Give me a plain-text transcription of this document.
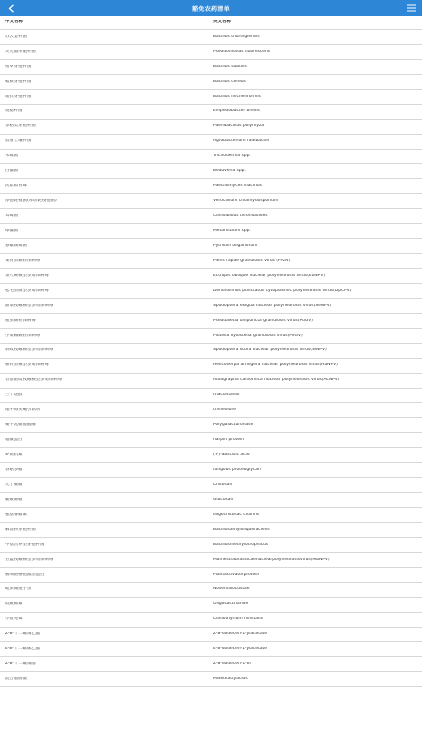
豁免农药清单
中文名称	英文名称
苏云金杆菌	Bacillus thuringiensis
荧光假单胞杆菌	Pseudomonas fluorescens
枯草芽孢杆菌	Bacillus subtilis
蜡质芽孢杆菌	Bacillus cereus
地衣芽孢杆菌	Bacillus linchenformis
短稳杆菌	Empedobacter brevis
多粘类芽孢杆菌	Paenibacillus polymyza
放射土壤杆菌	Agrobacterium radibacter
木霉菌	Trichoderma spp.
白僵菌	Beauveria spp.
淡紫拟青霉	Paecilomyces lilacinus
厚孢轮枝菌(厚垣轮枝孢菌)	Verticillium chlamydosporium
耳霉菌	Conidiblous thromboides
绿僵菌	Metarhizium spp.
寡雄腐霉菌	Pythium oligandrum
菜青虫颗粒体病毒	Pieris rapae granulosis virus (PrGV)
茶尺蠖核型多角体病毒	Ectropis oblique nuclear polyhedrosis virus(EoNPV)
松毛虫质型多角体病毒	Dendrolimus punctatus cytoplasmic polyhedrosis virus(DpCPV)
甜菜夜蛾核型多角体病毒	Spodoptera exigua nuclear polyhedrosis virus(SeNPV)
粘虫颗粒体病毒	Pseudaletia unipuncta granulosis virus(PuGV)
小菜蛾颗粒体病毒	Plutella xylostella granulosis virus(PxGV)
斜纹夜蛾核型多角体病毒	Spodoptera litura nuclear polyhedrosis virus(SlNPV)
棉铃虫核型多角体病毒	Helicoverpa armigera nuclear polyhedrosis virus(HaNPV)
苜蓿银纹夜蛾核型多角体病毒	Autographa californica nuclear polyhedrosis virus(AcNPV)
三十烷醇	triacontanol
地中海实蝇引诱剂	trimedlure
聚半乳糖醛酸酶	Polygalacturonase
超敏蛋白	harpin protein
S-诱抗素	(+)-abscisic acid
香菇多糖	fungous proteoglycan
几丁聚糖	Chitosan
葡聚烯糖	Glucosan
氨基寡糖素	oligochitosac charins
解淀粉芽孢杆菌	Bacillusamyloliquefaciens
甲基营养型芽孢杆菌	Bacillusmethylotrophicus
甘蓝夜蛾核型多角体病毒	Mamestrabrassicaenuclearpolyhedrosisvirus(MbNPV)
极细链格孢激活蛋白	Plantactivatorprotein
蝗虫微孢子虫	Nosemalocustae
低聚糖素	Oligosaccharide
小盾壳霉	Coniothyrium minitans
Z-8-十二碳烯乙酯	Z-8-dodecen-1-ylacetate
E-8-十二碳烯乙酯	E-8-dodecen-1-ylacetate
Z-8-十二碳烯醇	Z-8-dodecen-1-ol
混合脂肪酸	Mixedfattyacids
